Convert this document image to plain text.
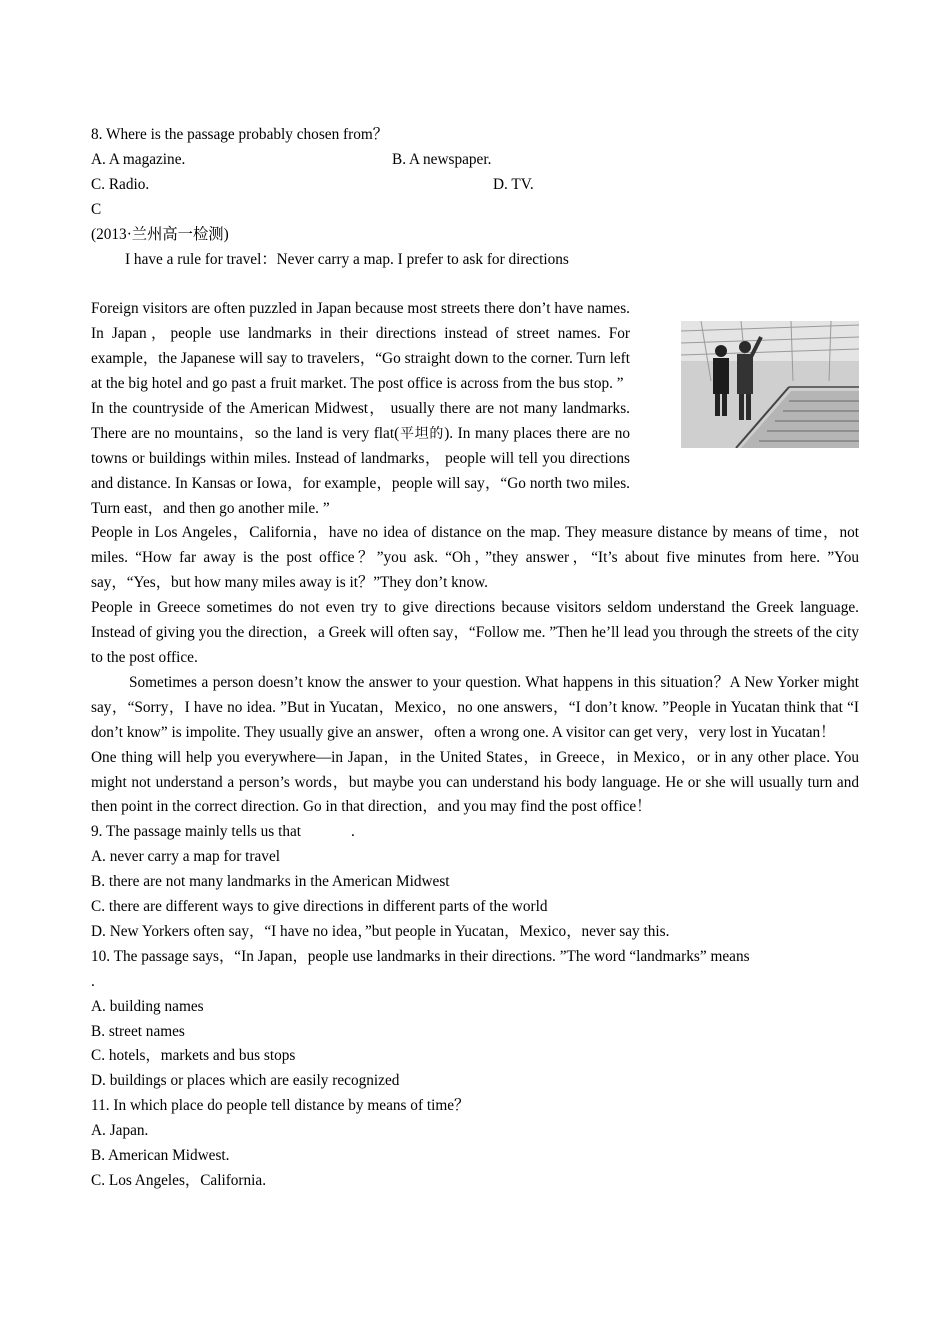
8. Where is the passage probably chosen from？
A. A magazine.	B. A newspaper.
C. Radio.	D. TV.
C
(2013·兰州高一检测)
I have a rule for travel：Never carry a map. I prefer to ask for directions
Foreign visitors are often puzzled in Japan because most streets there don’t have names. In Japan，people use landmarks in their directions instead of street names. For example，the Japanese will say to travelers，“Go straight down to the corner. Turn left at the big hotel and go past a fruit market. The post office is across from the bus stop. ”
In the countryside of the American Midwest， usually there are not many landmarks. There are no mountains，so the land is very flat(平坦的). In many places there are no towns or buildings within miles. Instead of landmarks， people will tell you directions and distance. In Kansas or Iowa，for example，people will say，“Go north two miles. Turn east，and then go another mile. ”
People in Los Angeles，California，have no idea of distance on the map. They measure distance by means of time，not miles. “How far away is the post office？”you ask. “Oh，”they answer，“It’s about five minutes from here. ”You say，“Yes，but how many miles away is it？”They don’t know.
People in Greece sometimes do not even try to give directions because visitors seldom understand the Greek language. Instead of giving you the direction，a Greek will often say，“Follow me. ”Then he’ll lead you through the streets of the city to the post office.
Sometimes a person doesn’t know the answer to your question. What happens in this situation？A New Yorker might say，“Sorry，I have no idea. ”But in Yucatan，Mexico，no one answers，“I don’t know. ”People in Yucatan think that “I don’t know” is impolite. They usually give an answer，often a wrong one. A visitor can get very，very lost in Yucatan！
One thing will help you everywhere—in Japan，in the United States，in Greece，in Mexico，or in any other place. You might not understand a person’s words，but maybe you can understand his body language. He or she will usually turn and then point in the correct direction. Go in that direction，and you may find the post office！
9. The passage mainly tells us that	.
A. never carry a map for travel
B. there are not many landmarks in the American Midwest
C. there are different ways to give directions in different parts of the world
D. New Yorkers often say，“I have no idea，”but people in Yucatan，Mexico，never say this.
10. The passage says，“In Japan，people use landmarks in their directions. ”The word “landmarks” means
.
A. building names
B. street names
C. hotels，markets and bus stops
D. buildings or places which are easily recognized
11. In which place do people tell distance by means of time？
A. Japan.
B. American Midwest.
C. Los Angeles，California.
